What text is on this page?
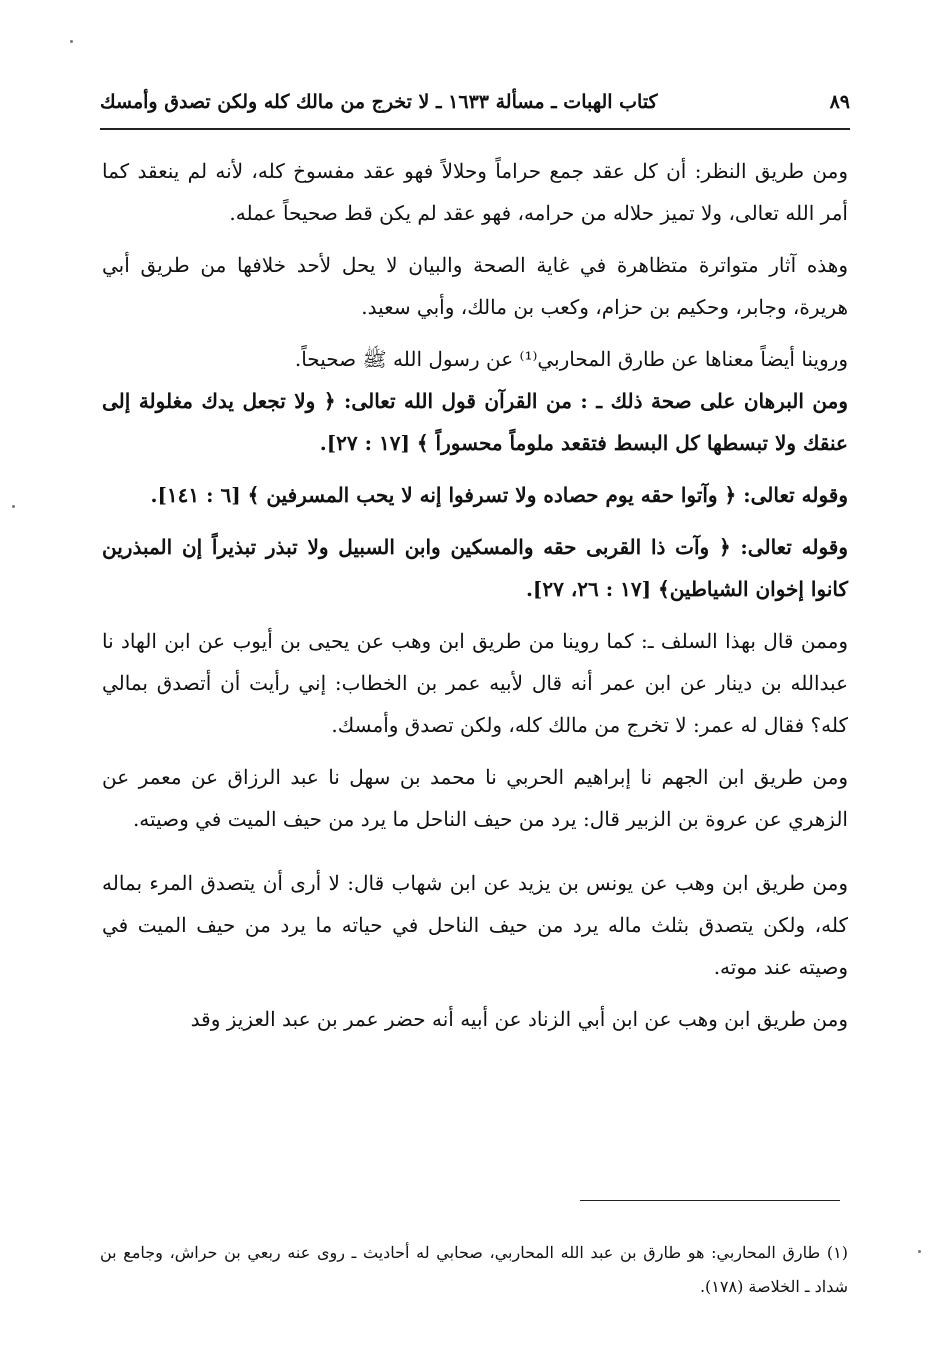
كتاب الهبات ـ مسألة ١٦٣٣ ـ لا تخرج من مالك كله ولكن تصدق وأمسك	٨٩

ومن طريق النظر: أن كل عقد جمع حراماً وحلالاً فهو عقد مفسوخ كله، لأنه لم ينعقد كما أمر الله تعالى، ولا تميز حلاله من حرامه، فهو عقد لم يكن قط صحيحاً عمله.

وهذه آثار متواترة متظاهرة في غاية الصحة والبيان لا يحل لأحد خلافها من طريق أبي هريرة، وجابر، وحكيم بن حزام، وكعب بن مالك، وأبي سعيد.

وروينا أيضاً معناها عن طارق المحاربي⁽¹⁾ عن رسول الله ﷺ صحيحاً.

ومن البرهان على صحة ذلك ـ : من القرآن قول الله تعالى: ﴿ ولا تجعل يدك مغلولة إلى عنقك ولا تبسطها كل البسط فتقعد ملوماً محسوراً ﴾ [١٧ : ٢٧].

وقوله تعالى: ﴿ وآتوا حقه يوم حصاده ولا تسرفوا إنه لا يحب المسرفين ﴾ [٦ : ١٤١].

وقوله تعالى: ﴿ وآت ذا القربى حقه والمسكين وابن السبيل ولا تبذر تبذيراً إن المبذرين كانوا إخوان الشياطين﴾ [١٧ : ٢٦، ٢٧].

وممن قال بهذا السلف ـ: كما روينا من طريق ابن وهب عن يحيى بن أيوب عن ابن الهاد نا عبدالله بن دينار عن ابن عمر أنه قال لأبيه عمر بن الخطاب: إني رأيت أن أتصدق بمالي كله؟ فقال له عمر: لا تخرج من مالك كله، ولكن تصدق وأمسك.

ومن طريق ابن الجهم نا إبراهيم الحربي نا محمد بن سهل نا عبد الرزاق عن معمر عن الزهري عن عروة بن الزبير قال: يرد من حيف الناحل ما يرد من حيف الميت في وصيته.

ومن طريق ابن وهب عن يونس بن يزيد عن ابن شهاب قال: لا أرى أن يتصدق المرء بماله كله، ولكن يتصدق بثلث ماله يرد من حيف الناحل في حياته ما يرد من حيف الميت في وصيته عند موته.

ومن طريق ابن وهب عن ابن أبي الزناد عن أبيه أنه حضر عمر بن عبد العزيز وقد

(١) طارق المحاربي: هو طارق بن عبد الله المحاربي، صحابي له أحاديث ـ روى عنه ربعي بن حراش، وجامع بن شداد ـ الخلاصة (١٧٨).
